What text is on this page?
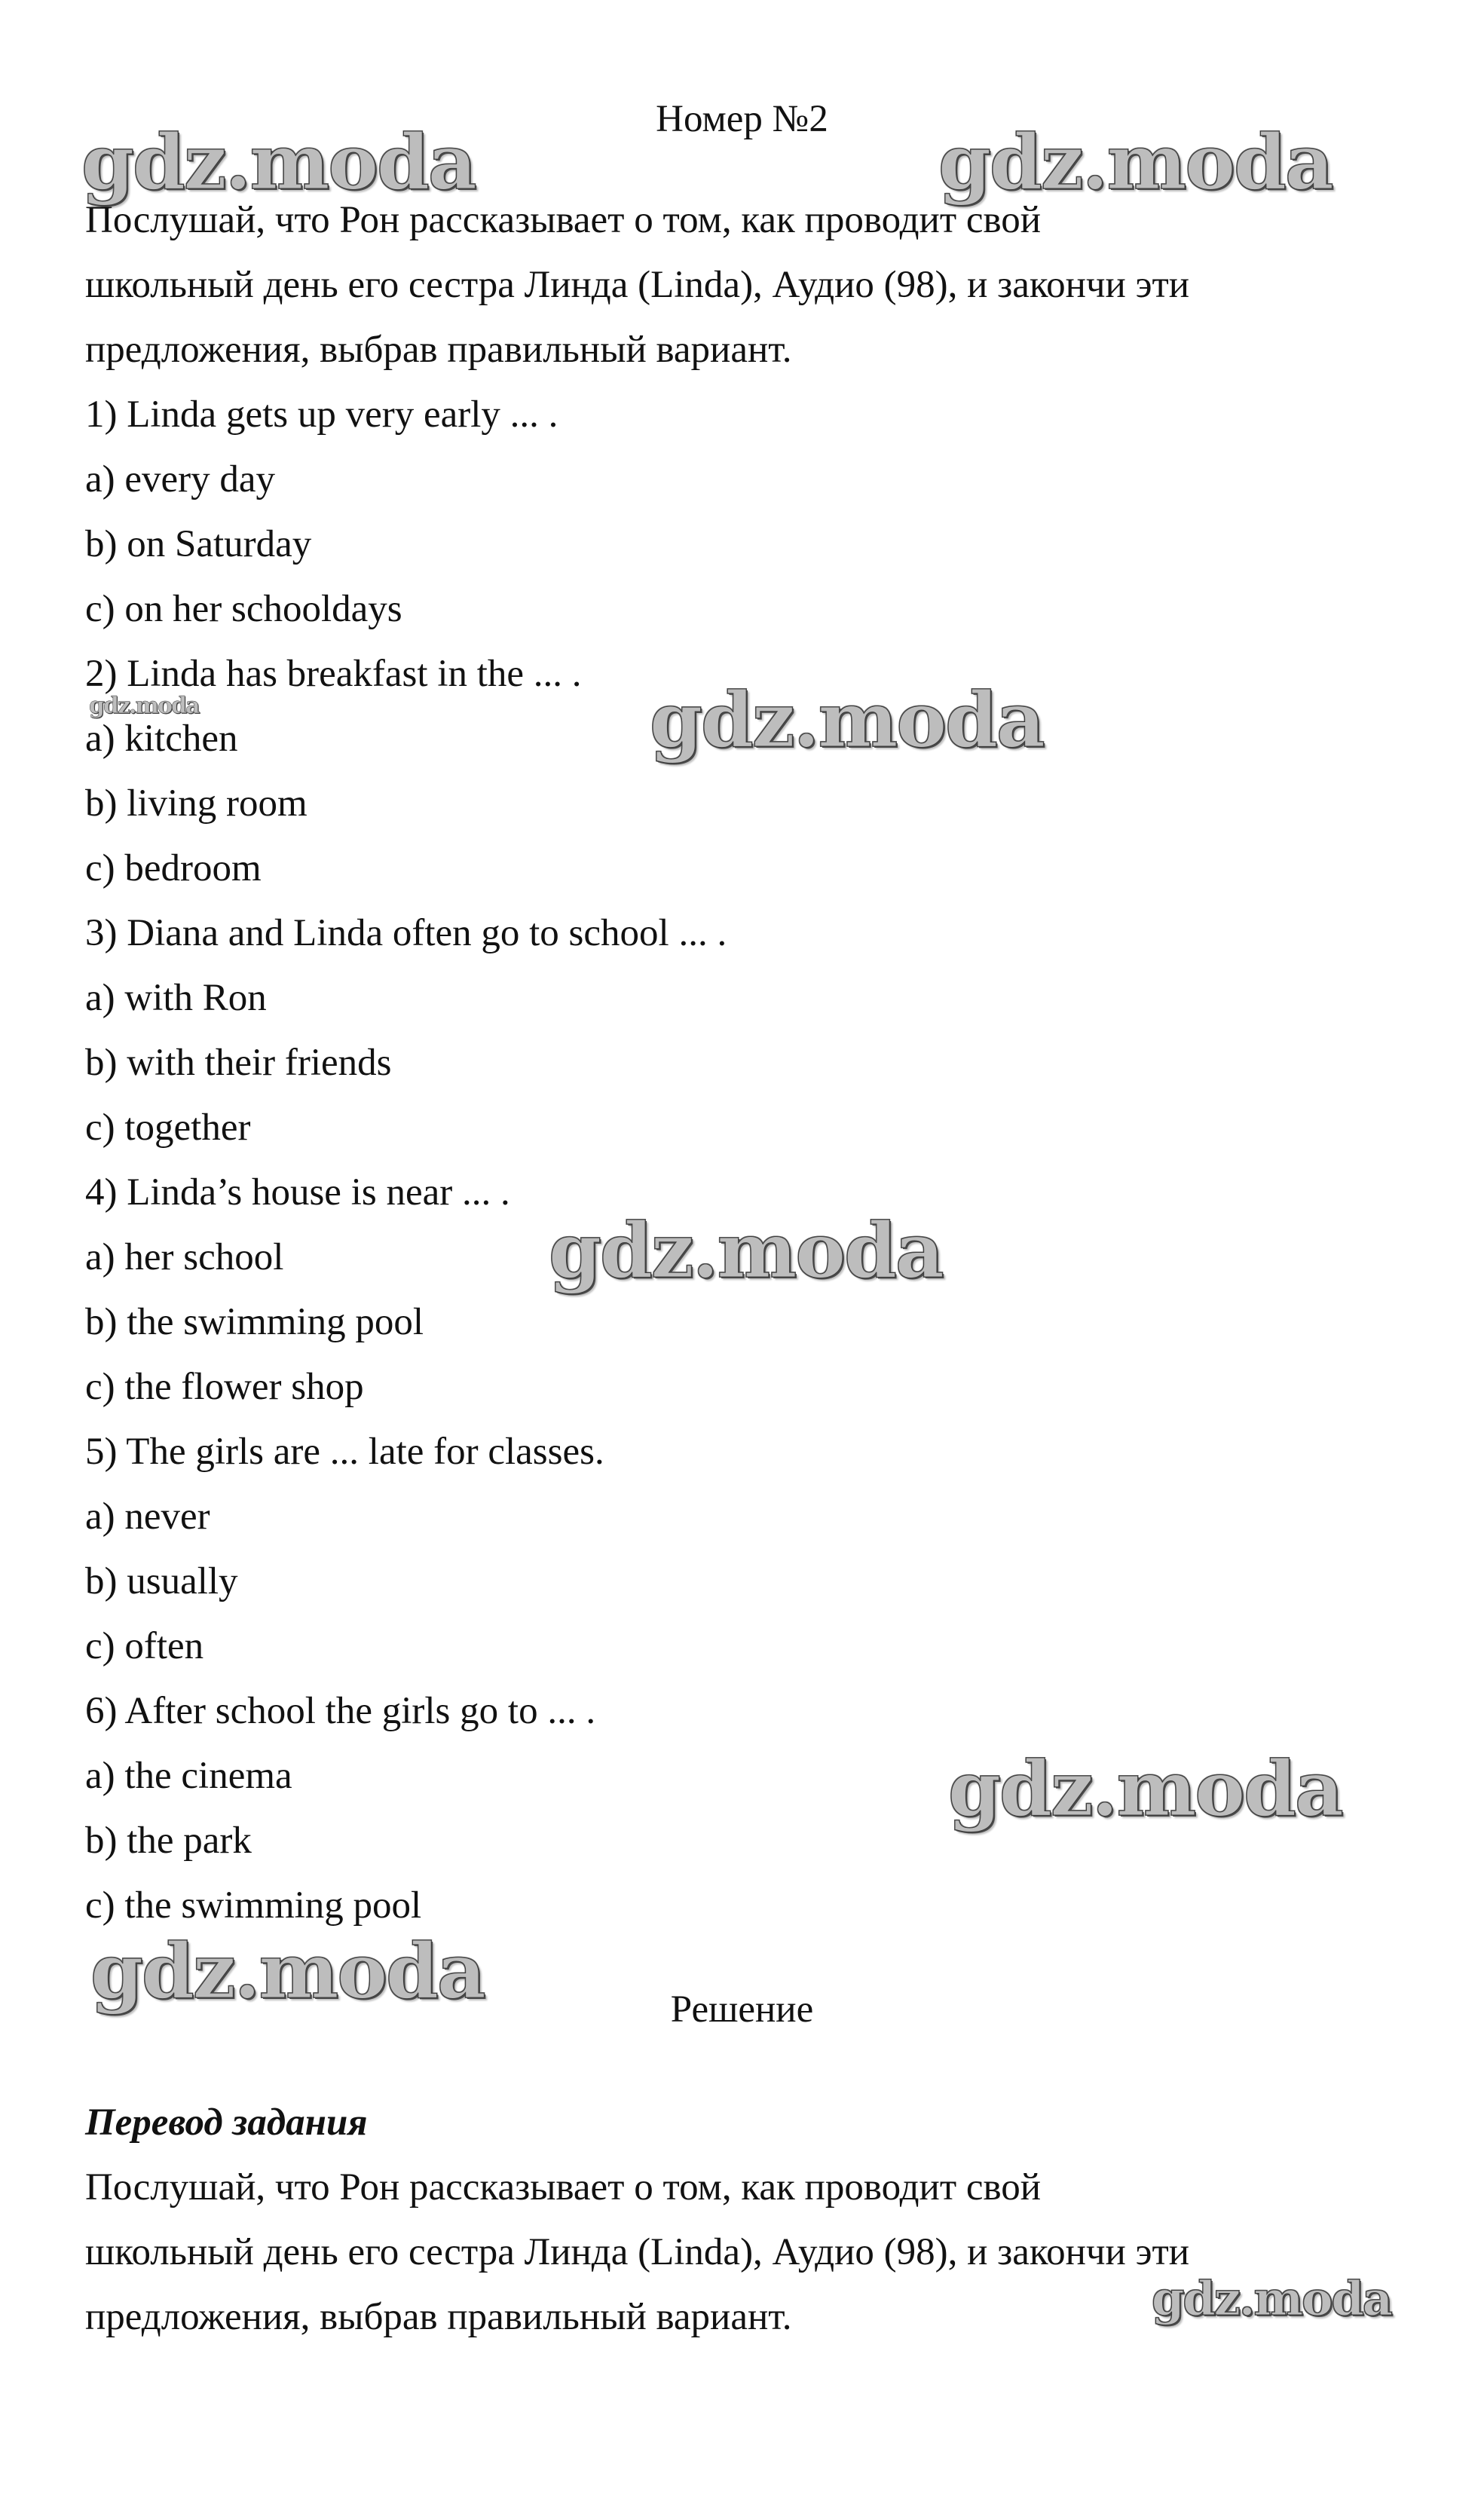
Номер №2
Послушай, что Рон рассказывает о том, как проводит свой
школьный день его сестра Линда (Linda), Аудио (98), и закончи эти
предложения, выбрав правильный вариант.
1) Linda gets up very early ... .
a) every day
b) on Saturday
c) on her schooldays
2) Linda has breakfast in the ... .
a) kitchen
b) living room
c) bedroom
3) Diana and Linda often go to school ... .
a) with Ron
b) with their friends
c) together
4) Linda’s house is near ... .
a) her school
b) the swimming pool
c) the flower shop
5) The girls are ... late for classes.
a) never
b) usually
c) often
6) After school the girls go to ... .
a) the cinema
b) the park
c) the swimming pool
Решение
Перевод задания
Послушай, что Рон рассказывает о том, как проводит свой
школьный день его сестра Линда (Linda), Аудио (98), и закончи эти
предложения, выбрав правильный вариант.
gdz.moda	gdz.moda
gdz.moda	gdz.moda
gdz.moda
gdz.moda
gdz.moda
gdz.moda
